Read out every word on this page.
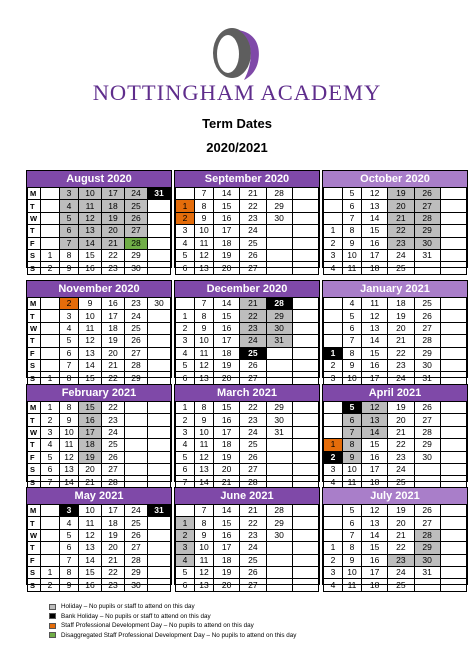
NOTTINGHAM ACADEMY
Term Dates
2020/2021
August 2020
M		3	10	17	24	31
T		4	11	18	25	
W		5	12	19	26	
T		6	13	20	27	
F		7	14	21	28	
S	1	8	15	22	29	
S	2	9	16	23	30	
September 2020
	7	14	21	28	
1	8	15	22	29	
2	9	16	23	30	
3	10	17	24		
4	11	18	25		
5	12	19	26		
6	13	20	27		
October 2020
	5	12	19	26	
	6	13	20	27	
	7	14	21	28	
1	8	15	22	29	
2	9	16	23	30	
3	10	17	24	31	
4	11	18	25		
November 2020
M		2	9	16	23	30
T		3	10	17	24	
W		4	11	18	25	
T		5	12	19	26	
F		6	13	20	27	
S		7	14	21	28	
S	1	8	15	22	29	
December 2020
	7	14	21	28	
1	8	15	22	29	
2	9	16	23	30	
3	10	17	24	31	
4	11	18	25		
5	12	19	26		
6	13	20	27		
January 2021
	4	11	18	25	
	5	12	19	26	
	6	13	20	27	
	7	14	21	28	
1	8	15	22	29	
2	9	16	23	30	
3	10	17	24	31	
February 2021
M	1	8	15	22		
T	2	9	16	23		
W	3	10	17	24		
T	4	11	18	25		
F	5	12	19	26		
S	6	13	20	27		
S	7	14	21	28		
March 2021
1	8	15	22	29	
2	9	16	23	30	
3	10	17	24	31	
4	11	18	25		
5	12	19	26		
6	13	20	27		
7	14	21	28		
April 2021
	5	12	19	26	
	6	13	20	27	
	7	14	21	28	
1	8	15	22	29	
2	9	16	23	30	
3	10	17	24		
4	11	18	25		
May 2021
M		3	10	17	24	31
T		4	11	18	25	
W		5	12	19	26	
T		6	13	20	27	
F		7	14	21	28	
S	1	8	15	22	29	
S	2	9	16	23	30	
June 2021
	7	14	21	28	
1	8	15	22	29	
2	9	16	23	30	
3	10	17	24		
4	11	18	25		
5	12	19	26		
6	13	20	27		
July 2021
	5	12	19	26	
	6	13	20	27	
	7	14	21	28	
1	8	15	22	29	
2	9	16	23	30	
3	10	17	24	31	
4	11	18	25		
Holiday – No pupils or staff to attend on this day
Bank Holiday – No pupils or staff to attend on this day
Staff Professional Development Day – No pupils to attend on this day
Disaggregated Staff Professional Development Day – No pupils to attend on this day
